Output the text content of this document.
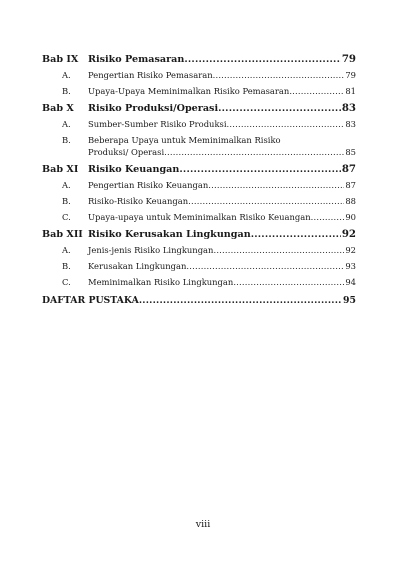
Bab IX	Risiko Pemasaran .....	79
A.	Pengertian Risiko Pemasaran .....	79
B.	Upaya-Upaya Meminimalkan Risiko Pemasaran .....	81
Bab X	Risiko Produksi/Operasi .....	83
A.	Sumber-Sumber Risiko Produksi .....	83
B.	Beberapa Upaya untuk Meminimalkan Risiko
Produksi/ Operasi .....	85
Bab XI	Risiko Keuangan .....	87
A.	Pengertian Risiko Keuangan .....	87
B.	Risiko-Risiko Keuangan .....	88
C.	Upaya-upaya untuk Meminimalkan Risiko Keuangan .....	90
Bab XII Risiko Kerusakan Lingkungan .....	92
A.	Jenis-jenis Risiko Lingkungan .....	92
B.	Kerusakan Lingkungan .....	93
C.	Meminimalkan Risiko Lingkungan .....	94
DAFTAR PUSTAKA .....	95
viii
